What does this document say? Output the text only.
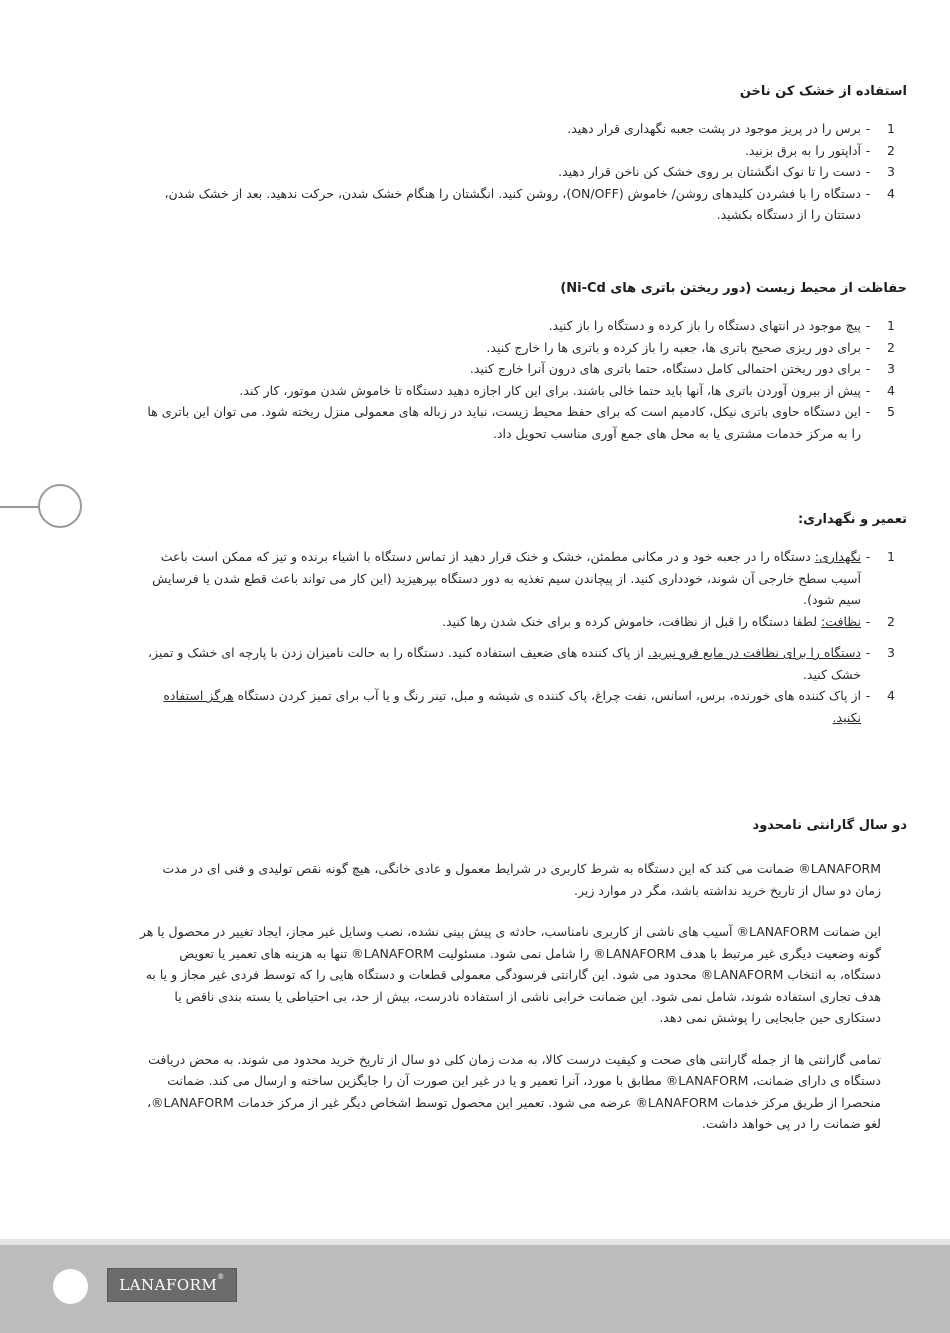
استفاده از خشک کن ناخن
1
-
برس را در پریز موجود در پشت جعبه نگهداری قرار دهید.
2
-
آداپتور را به برق بزنید.
3
-
دست را تا نوک انگشتان بر روی خشک کن ناخن قرار دهید.
4
-
دستگاه را با فشردن کلیدهای روشن/ خاموش (ON/OFF)، روشن کنید. انگشتان را هنگام خشک شدن، حرکت ندهید. بعد از خشک شدن، دستتان را از دستگاه بکشید.
حفاظت از محیط زیست (دور ریختن باتری های Ni-Cd)
1
-
پیچ موجود در انتهای دستگاه را باز کرده و دستگاه را باز کنید.
2
-
برای دور ریزی صحیح باتری ها، جعبه را باز کرده و باتری ها را خارج کنید.
3
-
برای دور ریختن احتمالی کامل دستگاه، حتما باتری های درون آنرا خارج کنید.
4
-
پیش از بیرون آوردن باتری ها، آنها باید حتما خالی باشند. برای این کار اجازه دهید دستگاه تا خاموش شدن موتور، کار کند.
5
-
این دستگاه حاوی باتری نیکل، کادمیم است که برای حفظ محیط زیست، نباید در زباله های معمولی منزل ریخته شود. می توان این باتری ها را به مرکز خدمات مشتری یا به محل های جمع آوری مناسب تحویل داد.
تعمیر و نگهداری:
1
-
نگهداری: دستگاه را در جعبه خود و در مکانی مطمئن، خشک و خنک قرار دهید از تماس دستگاه با اشیاء برنده و تیز که ممکن است باعث آسیب سطح خارجی آن شوند، خودداری کنید. از پیچاندن سیم تغذیه به دور دستگاه بپرهیزید (این کار می تواند باعث قطع شدن یا فرسایش سیم شود).
2
-
نظافت: لطفا دستگاه را قبل از نظافت، خاموش کرده و برای خنک شدن رها کنید.
3
-
دستگاه را برای نظافت در مایع فرو نبرید. از پاک کننده های ضعیف استفاده کنید. دستگاه را به حالت نامیزان زدن با پارچه ای خشک و تمیز، خشک کنید.
4
-
از پاک کننده های خورنده، برس، اسانس، نفت چراغ، پاک کننده ی شیشه و مبل، تینر رنگ و یا آب برای تمیز کردن دستگاه هرگز استفاده نکنید.
دو سال گارانتی نامحدود

LANAFORM® ضمانت می کند که این دستگاه به شرط کاربری در شرایط معمول و عادی خانگی، هیچ گونه نقص تولیدی و فنی ای در مدت زمان دو سال از تاریخ خرید نداشته باشد، مگر در موارد زیر.

این ضمانت LANAFORM® آسیب های ناشی از کاربری نامناسب، حادثه ی پیش بینی نشده، نصب وسایل غیر مجاز، ایجاد تغییر در محصول یا هر گونه وضعیت دیگری غیر مرتبط با هدف LANAFORM® را شامل نمی شود. مسئولیت LANAFORM® تنها به هزینه های تعمیر یا تعویض دستگاه، به انتخاب LANAFORM® محدود می شود. این گارانتی فرسودگی معمولی قطعات و دستگاه هایی را که توسط فردی غیر مجاز و یا به هدف تجاری استفاده شوند، شامل نمی شود. این ضمانت خرابی ناشی از استفاده نادرست، بیش از حد، بی احتیاطی یا بسته بندی ناقص یا دستکاری حین جابجایی را پوشش نمی دهد.

تمامی گارانتی ها از جمله گارانتی های صحت و کیفیت درست کالا، به مدت زمان کلی دو سال از تاریخ خرید محدود می شوند. به محض دریافت دستگاه ی دارای ضمانت، LANAFORM® مطابق با مورد، آنرا تعمیر و یا در غیر این صورت آن را جایگزین ساخته و ارسال می کند. ضمانت منحصرا از طریق مرکز خدمات LANAFORM® عرضه می شود. تعمیر این محصول توسط اشخاص دیگر غیر از مرکز خدمات LANAFORM®، لغو ضمانت را در پی خواهد داشت.

LANAFORM®
